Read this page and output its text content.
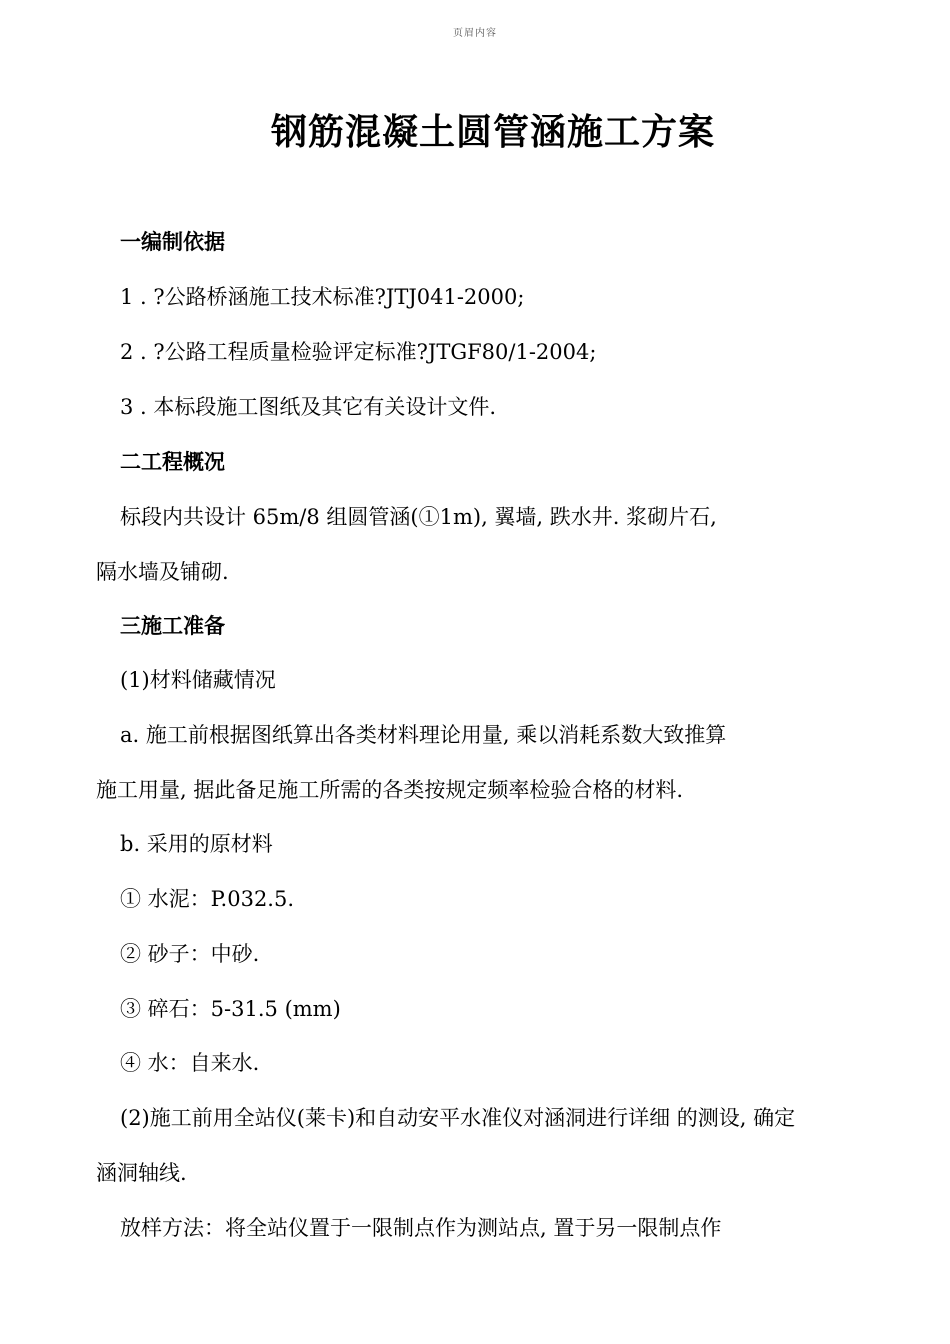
页眉内容
钢筋混凝土圆管涵施工方案
一编制依据
1 . ?公路桥涵施工技术标准?JTJ041-2000;
2 . ?公路工程质量检验评定标准?JTGF80/1-2004;
3 . 本标段施工图纸及其它有关设计文件.
二工程概况
标段内共设计 65m/8 组圆管涵(①1m), 翼墙, 跌水井. 浆砌片石,
隔水墙及铺砌.
三施工准备
(1)材料储藏情况
a. 施工前根据图纸算出各类材料理论用量, 乘以消耗系数大致推算
施工用量, 据此备足施工所需的各类按规定频率检验合格的材料.
b. 采用的原材料
① 水泥：P.032.5.
② 砂子：中砂.
③ 碎石：5-31.5 (mm)
④ 水：自来水.
(2)施工前用全站仪(莱卡)和自动安平水准仪对涵洞进行详细 的测设, 确定
涵洞轴线.
放样方法：将全站仪置于一限制点作为测站点, 置于另一限制点作
